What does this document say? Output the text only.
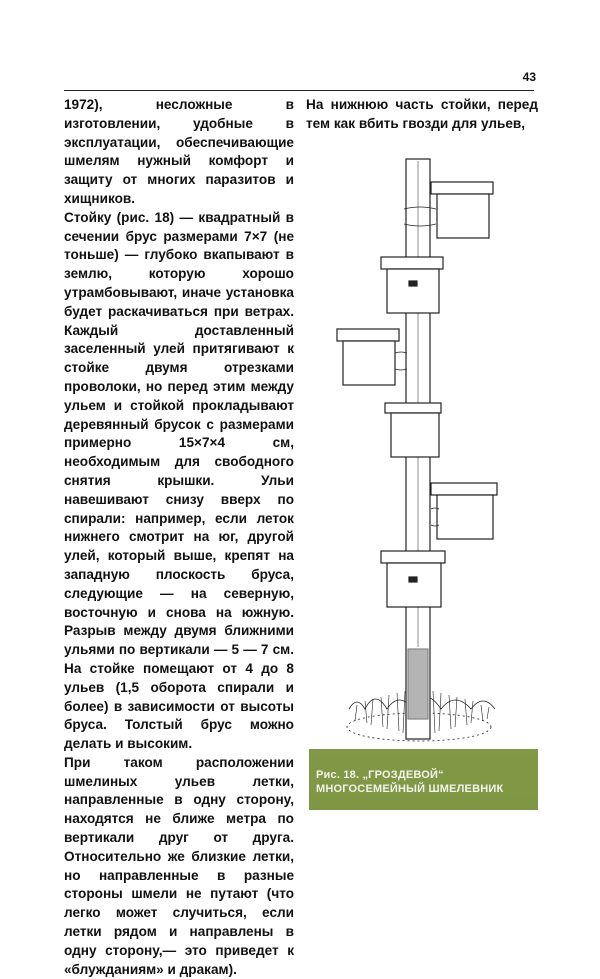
43

1972), несложные в изготовлении, удобные в эксплуатации, обеспечивающие шмелям нужный комфорт и защиту от многих паразитов и хищников.

Стойку (рис. 18) — квадратный в сечении брус размерами 7×7 (не тоньше) — глубоко вкапывают в землю, которую хорошо утрамбовывают, иначе установка будет раскачиваться при ветрах. Каждый доставленный заселенный улей притягивают к стойке двумя отрезками проволоки, но перед этим между ульем и стойкой прокладывают деревянный брусок с размерами примерно 15×7×4 см, необходимым для свободного снятия крышки. Ульи навешивают снизу вверх по спирали: например, если леток нижнего смотрит на юг, другой улей, который выше, крепят на западную плоскость бруса, следующие — на северную, восточную и снова на южную. Разрыв между двумя ближними ульями по вертикали — 5 — 7 см. На стойке помещают от 4 до 8 ульев (1,5 оборота спирали и более) в зависимости от высоты бруса. Толстый брус можно делать и высоким.

При таком расположении шмелиных ульев летки, направленные в одну сторону, находятся не ближе метра по вертикали друг от друга. Относительно же близкие летки, но направленные в разные стороны шмели не путают (что легко может случиться, если летки рядом и направлены в одну сторону,— это приведет к «блужданиям» и дракам).

На нижнюю часть стойки, перед тем как вбить гвозди для ульев,

Рис. 18. „ГРОЗДЕВОЙ“ МНОГОСЕМЕЙНЫЙ ШМЕЛЕВНИК
